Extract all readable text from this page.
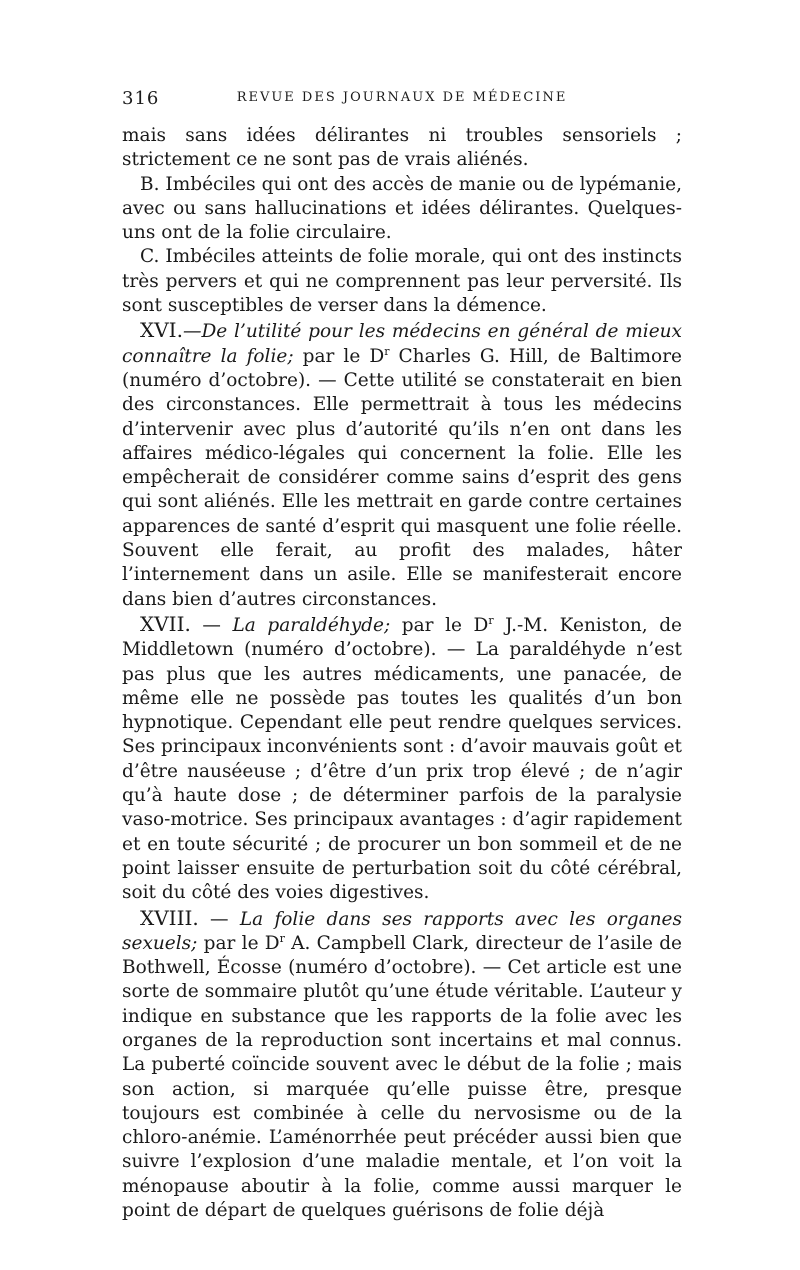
316	REVUE DES JOURNAUX DE MÉDECINE

mais sans idées délirantes ni troubles sensoriels ; strictement ce ne sont pas de vrais aliénés.

B. Imbéciles qui ont des accès de manie ou de lypémanie, avec ou sans hallucinations et idées délirantes. Quelques-uns ont de la folie circulaire.

C. Imbéciles atteints de folie morale, qui ont des instincts très pervers et qui ne comprennent pas leur perversité. Ils sont susceptibles de verser dans la démence.

XVI.—De l’utilité pour les médecins en général de mieux connaître la folie; par le $D^r$ Charles G. Hill, de Baltimore (numéro d’octobre). — Cette utilité se constaterait en bien des circonstances. Elle permettrait à tous les médecins d’intervenir avec plus d’autorité qu’ils n’en ont dans les affaires médico-légales qui concernent la folie. Elle les empêcherait de considérer comme sains d’esprit des gens qui sont aliénés. Elle les mettrait en garde contre certaines apparences de santé d’esprit qui masquent une folie réelle. Souvent elle ferait, au profit des malades, hâter l’internement dans un asile. Elle se manifesterait encore dans bien d’autres circonstances.

XVII. — La paraldéhyde; par le $D^r$ J.-M. Keniston, de Middletown (numéro d’octobre). — La paraldéhyde n’est pas plus que les autres médicaments, une panacée, de même elle ne possède pas toutes les qualités d’un bon hypnotique. Cependant elle peut rendre quelques services. Ses principaux inconvénients sont : d’avoir mauvais goût et d’être nauséeuse ; d’être d’un prix trop élevé ; de n’agir qu’à haute dose ; de déterminer parfois de la paralysie vaso-motrice. Ses principaux avantages : d’agir rapidement et en toute sécurité ; de procurer un bon sommeil et de ne point laisser ensuite de perturbation soit du côté cérébral, soit du côté des voies digestives.

XVIII. — La folie dans ses rapports avec les organes sexuels; par le $D^r$ A. Campbell Clark, directeur de l’asile de Bothwell, Écosse (numéro d’octobre). — Cet article est une sorte de sommaire plutôt qu’une étude véritable. L’auteur y indique en substance que les rapports de la folie avec les organes de la reproduction sont incertains et mal connus. La puberté coïncide souvent avec le début de la folie ; mais son action, si marquée qu’elle puisse être, presque toujours est combinée à celle du nervosisme ou de la chloro-anémie. L’aménorrhée peut précéder aussi bien que suivre l’explosion d’une maladie mentale, et l’on voit la ménopause aboutir à la folie, comme aussi marquer le point de départ de quelques guérisons de folie déjà
